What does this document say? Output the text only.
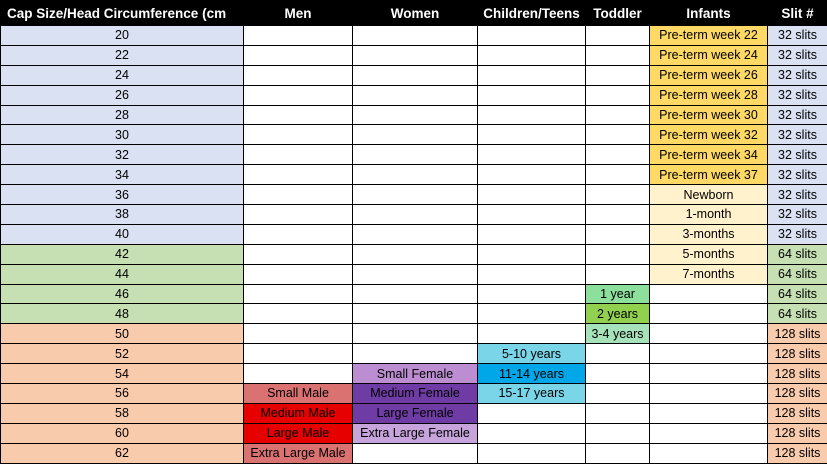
Cap Size/Head Circumference (cm	Men	Women	Children/Teens	Toddler	Infants	Slit #
20					Pre-term week 22	32 slits
22					Pre-term week 24	32 slits
24					Pre-term week 26	32 slits
26					Pre-term week 28	32 slits
28					Pre-term week 30	32 slits
30					Pre-term week 32	32 slits
32					Pre-term week 34	32 slits
34					Pre-term week 37	32 slits
36					Newborn	32 slits
38					1-month	32 slits
40					3-months	32 slits
42					5-months	64 slits
44					7-months	64 slits
46				1 year		64 slits
48				2 years		64 slits
50				3-4 years		128 slits
52			5-10 years			128 slits
54		Small Female	11-14 years			128 slits
56	Small Male	Medium Female	15-17 years			128 slits
58	Medium Male	Large Female				128 slits
60	Large Male	Extra Large Female				128 slits
62	Extra Large Male					128 slits
